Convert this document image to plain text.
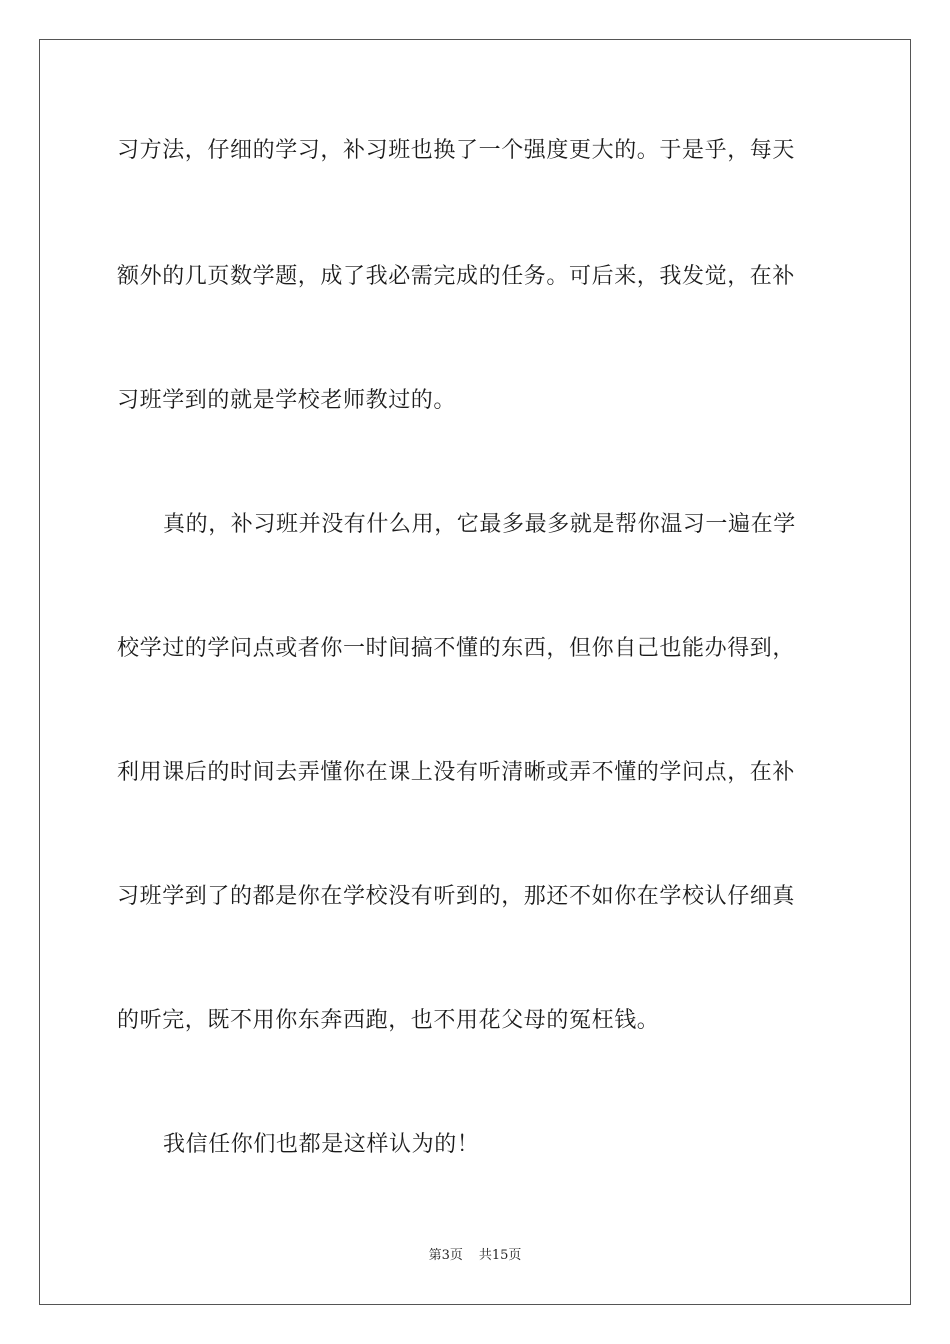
习方法，仔细的学习，补习班也换了一个强度更大的。于是乎，每天

额外的几页数学题，成了我必需完成的任务。可后来，我发觉，在补

习班学到的就是学校老师教过的。

真的，补习班并没有什么用，它最多最多就是帮你温习一遍在学

校学过的学问点或者你一时间搞不懂的东西，但你自己也能办得到，

利用课后的时间去弄懂你在课上没有听清晰或弄不懂的学问点，在补

习班学到了的都是你在学校没有听到的，那还不如你在学校认仔细真

的听完，既不用你东奔西跑，也不用花父母的冤枉钱。

我信任你们也都是这样认为的！

第3页 共15页
